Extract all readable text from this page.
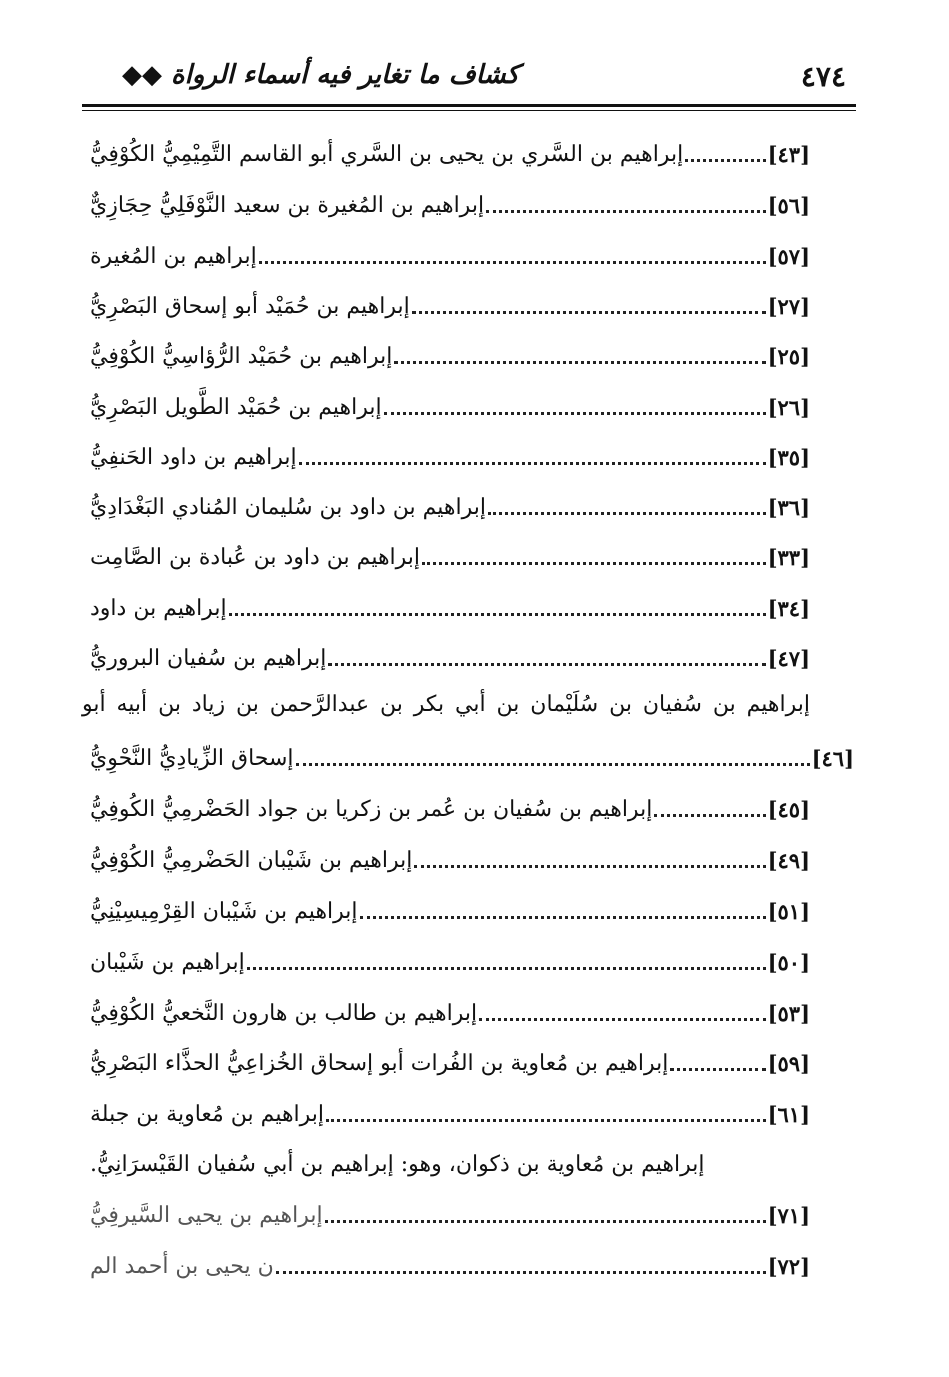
٤٧٤
كشاف ما تغاير فيه أسماء الرواة ◆◆
إبراهيم بن السَّري بن يحيى بن السَّري أبو القاسم التَّمِيْمِيُّ الكُوْفِيُّ	[٤٣]
إبراهيم بن المُغيرة بن سعيد النَّوْفَلِيُّ حِجَازِيٌّ	[٥٦]
إبراهيم بن المُغيرة	[٥٧]
إبراهيم بن حُمَيْد أبو إسحاق البَصْرِيُّ	[٢٧]
إبراهيم بن حُمَيْد الرُّؤاسِيُّ الكُوْفِيُّ	[٢٥]
إبراهيم بن حُمَيْد الطَّويل البَصْرِيُّ	[٢٦]
إبراهيم بن داود الحَنفِيُّ	[٣٥]
إبراهيم بن داود بن سُليمان المُنادي البَغْدَادِيُّ	[٣٦]
إبراهيم بن داود بن عُبادة بن الصَّامِت	[٣٣]
إبراهيم بن داود	[٣٤]
إبراهيم بن سُفيان البروريُّ	[٤٧]
إبراهيم بن سُفيان بن سُلَيْمان بن أبي بكر بن عبدالرَّحمن بن زياد بن أبيه أبو
إسحاق الزِّيادِيُّ النَّحْوِيُّ	[٤٦]
إبراهيم بن سُفيان بن عُمر بن زكريا بن جواد الحَضْرمِيُّ الكُوفِيُّ	[٤٥]
إبراهيم بن شَيْبان الحَضْرمِيُّ الكُوْفِيُّ	[٤٩]
إبراهيم بن شَيْبان القِرْمِيسِيْنِيُّ	[٥١]
إبراهيم بن شَيْبان	[٥٠]
إبراهيم بن طالب بن هارون النَّخعيُّ الكُوْفِيُّ	[٥٣]
إبراهيم بن مُعاوية بن الفُرات أبو إسحاق الخُزاعِيُّ الحذَّاء البَصْرِيُّ	[٥٩]
إبراهيم بن مُعاوية بن جبلة	[٦١]
إبراهيم بن مُعاوية بن ذكوان، وهو: إبراهيم بن أبي سُفيان القَيْسرَانِيُّ.
إبراهيم بن يحيى السَّيرفِيُّ	[٧١]
ن يحيى بن أحمد الم	[٧٢]
